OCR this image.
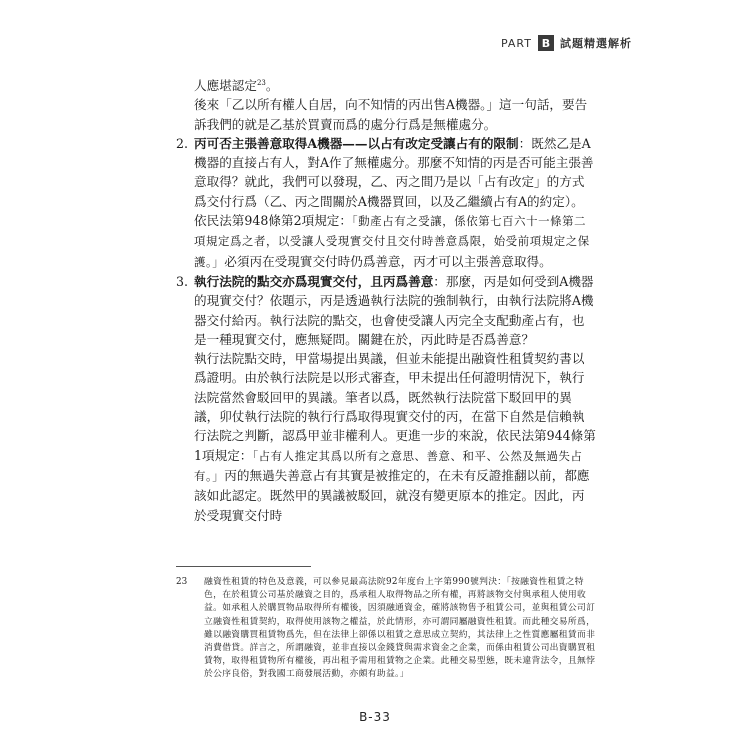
PART B 試題精選解析

人應堪認定$^{23}$。

後來「乙以所有權人自居，向不知情的丙出售A機器。」這一句話，要告訴我們的就是乙基於買賣而爲的處分行爲是無權處分。

2. 丙可否主張善意取得A機器——以占有改定受讓占有的限制：既然乙是A機器的直接占有人，對A作了無權處分。那麼不知情的丙是否可能主張善意取得？就此，我們可以發現，乙、丙之間乃是以「占有改定」的方式爲交付行爲（乙、丙之間關於A機器買回，以及乙繼續占有A的約定）。

依民法第948條第2項規定：「動產占有之受讓，係依第七百六十一條第二項規定爲之者，以受讓人受現實交付且交付時善意爲限，始受前項規定之保護。」必須丙在受現實交付時仍爲善意，丙才可以主張善意取得。

3. 執行法院的點交亦爲現實交付，且丙爲善意：那麼，丙是如何受到A機器的現實交付？依題示，丙是透過執行法院的強制執行，由執行法院將A機器交付給丙。執行法院的點交，也會使受讓人丙完全支配動產占有，也是一種現實交付，應無疑問。關鍵在於，丙此時是否爲善意？

執行法院點交時，甲當場提出異議，但並未能提出融資性租賃契約書以爲證明。由於執行法院是以形式審查，甲未提出任何證明情況下，執行法院當然會駁回甲的異議。筆者以爲，既然執行法院當下駁回甲的異議，卯仗執行法院的執行行爲取得現實交付的丙，在當下自然是信賴執行法院之判斷，認爲甲並非權利人。更進一步的來說，依民法第944條第1項規定：「占有人推定其爲以所有之意思、善意、和平、公然及無過失占有。」丙的無過失善意占有其實是被推定的，在未有反證推翻以前，都應該如此認定。既然甲的異議被駁回，就沒有變更原本的推定。因此，丙於受現實交付時

23	融資性租賃的特色及意義，可以參見最高法院92年度台上字第990號判決：「按融資性租賃之特色，在於租賃公司基於融資之目的，爲承租人取得物品之所有權，再將該物交付與承租人使用收益。如承租人於購買物品取得所有權後，因須融通資金，確將該物售予租賃公司，並與租賃公司訂立融資性租賃契約，取得使用該物之權益，於此情形，亦可謂同屬融資性租賃。而此種交易所爲，雖以融資購買租賃物爲先，但在法律上卻係以租賃之意思成立契約，其法律上之性質應屬租賃而非消費借貸。詳言之，所謂融資，並非直接以金錢貸與需求資金之企業，而係由租賃公司出資購買租賃物，取得租賃物所有權後，再出租予需用租賃物之企業。此種交易型態，既未違背法令，且無悖於公序良俗，對我國工商發展活動，亦頗有助益。」
B-33
